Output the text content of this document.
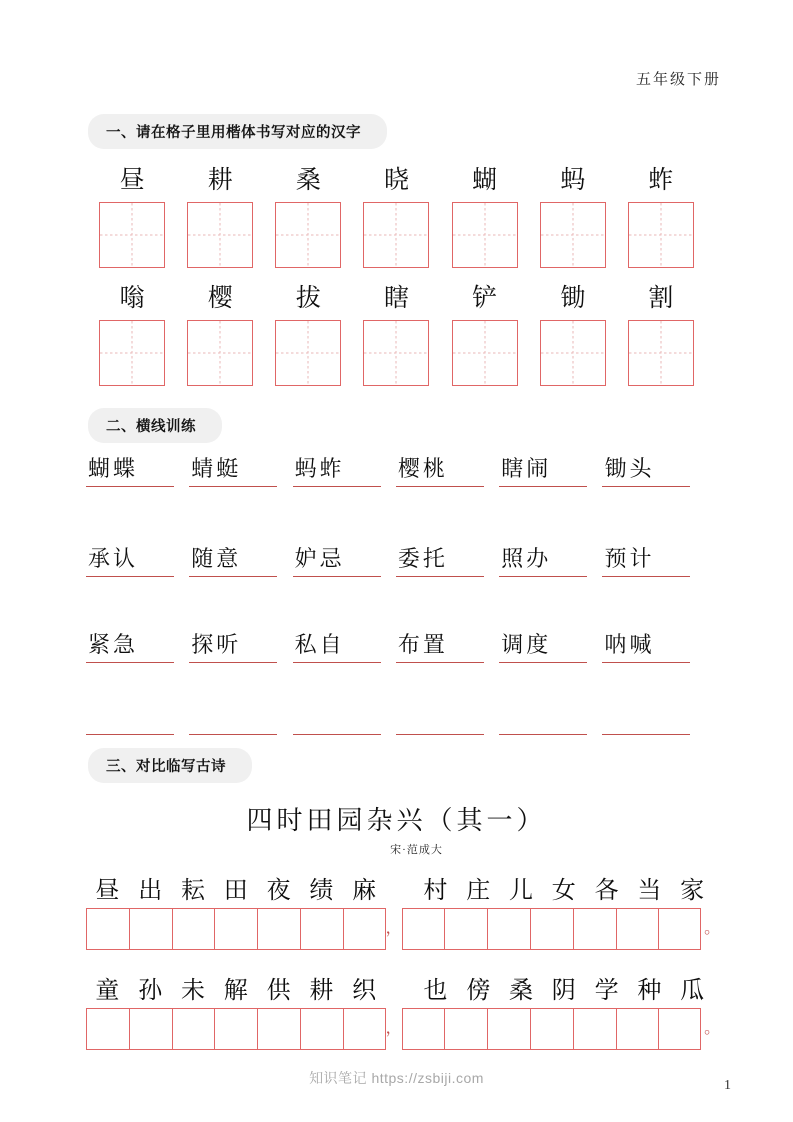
五年级下册
一、请在格子里用楷体书写对应的汉字
昼	耕	桑	晓	蝴	蚂	蚱
嗡	樱	拔	瞎	铲	锄	割
二、横线训练
蝴蝶 蜻蜓 蚂蚱 樱桃 瞎闹 锄头
承认 随意 妒忌 委托 照办 预计
紧急 探听 私自 布置 调度 呐喊
三、对比临写古诗
四时田园杂兴（其一）
宋·范成大
昼 出 耘 田 夜 绩 麻	村 庄 儿 女 各 当 家
，	。
童 孙 未 解 供 耕 织	也 傍 桑 阴 学 种 瓜
，	。
知识笔记 https://zsbiji.com	1
